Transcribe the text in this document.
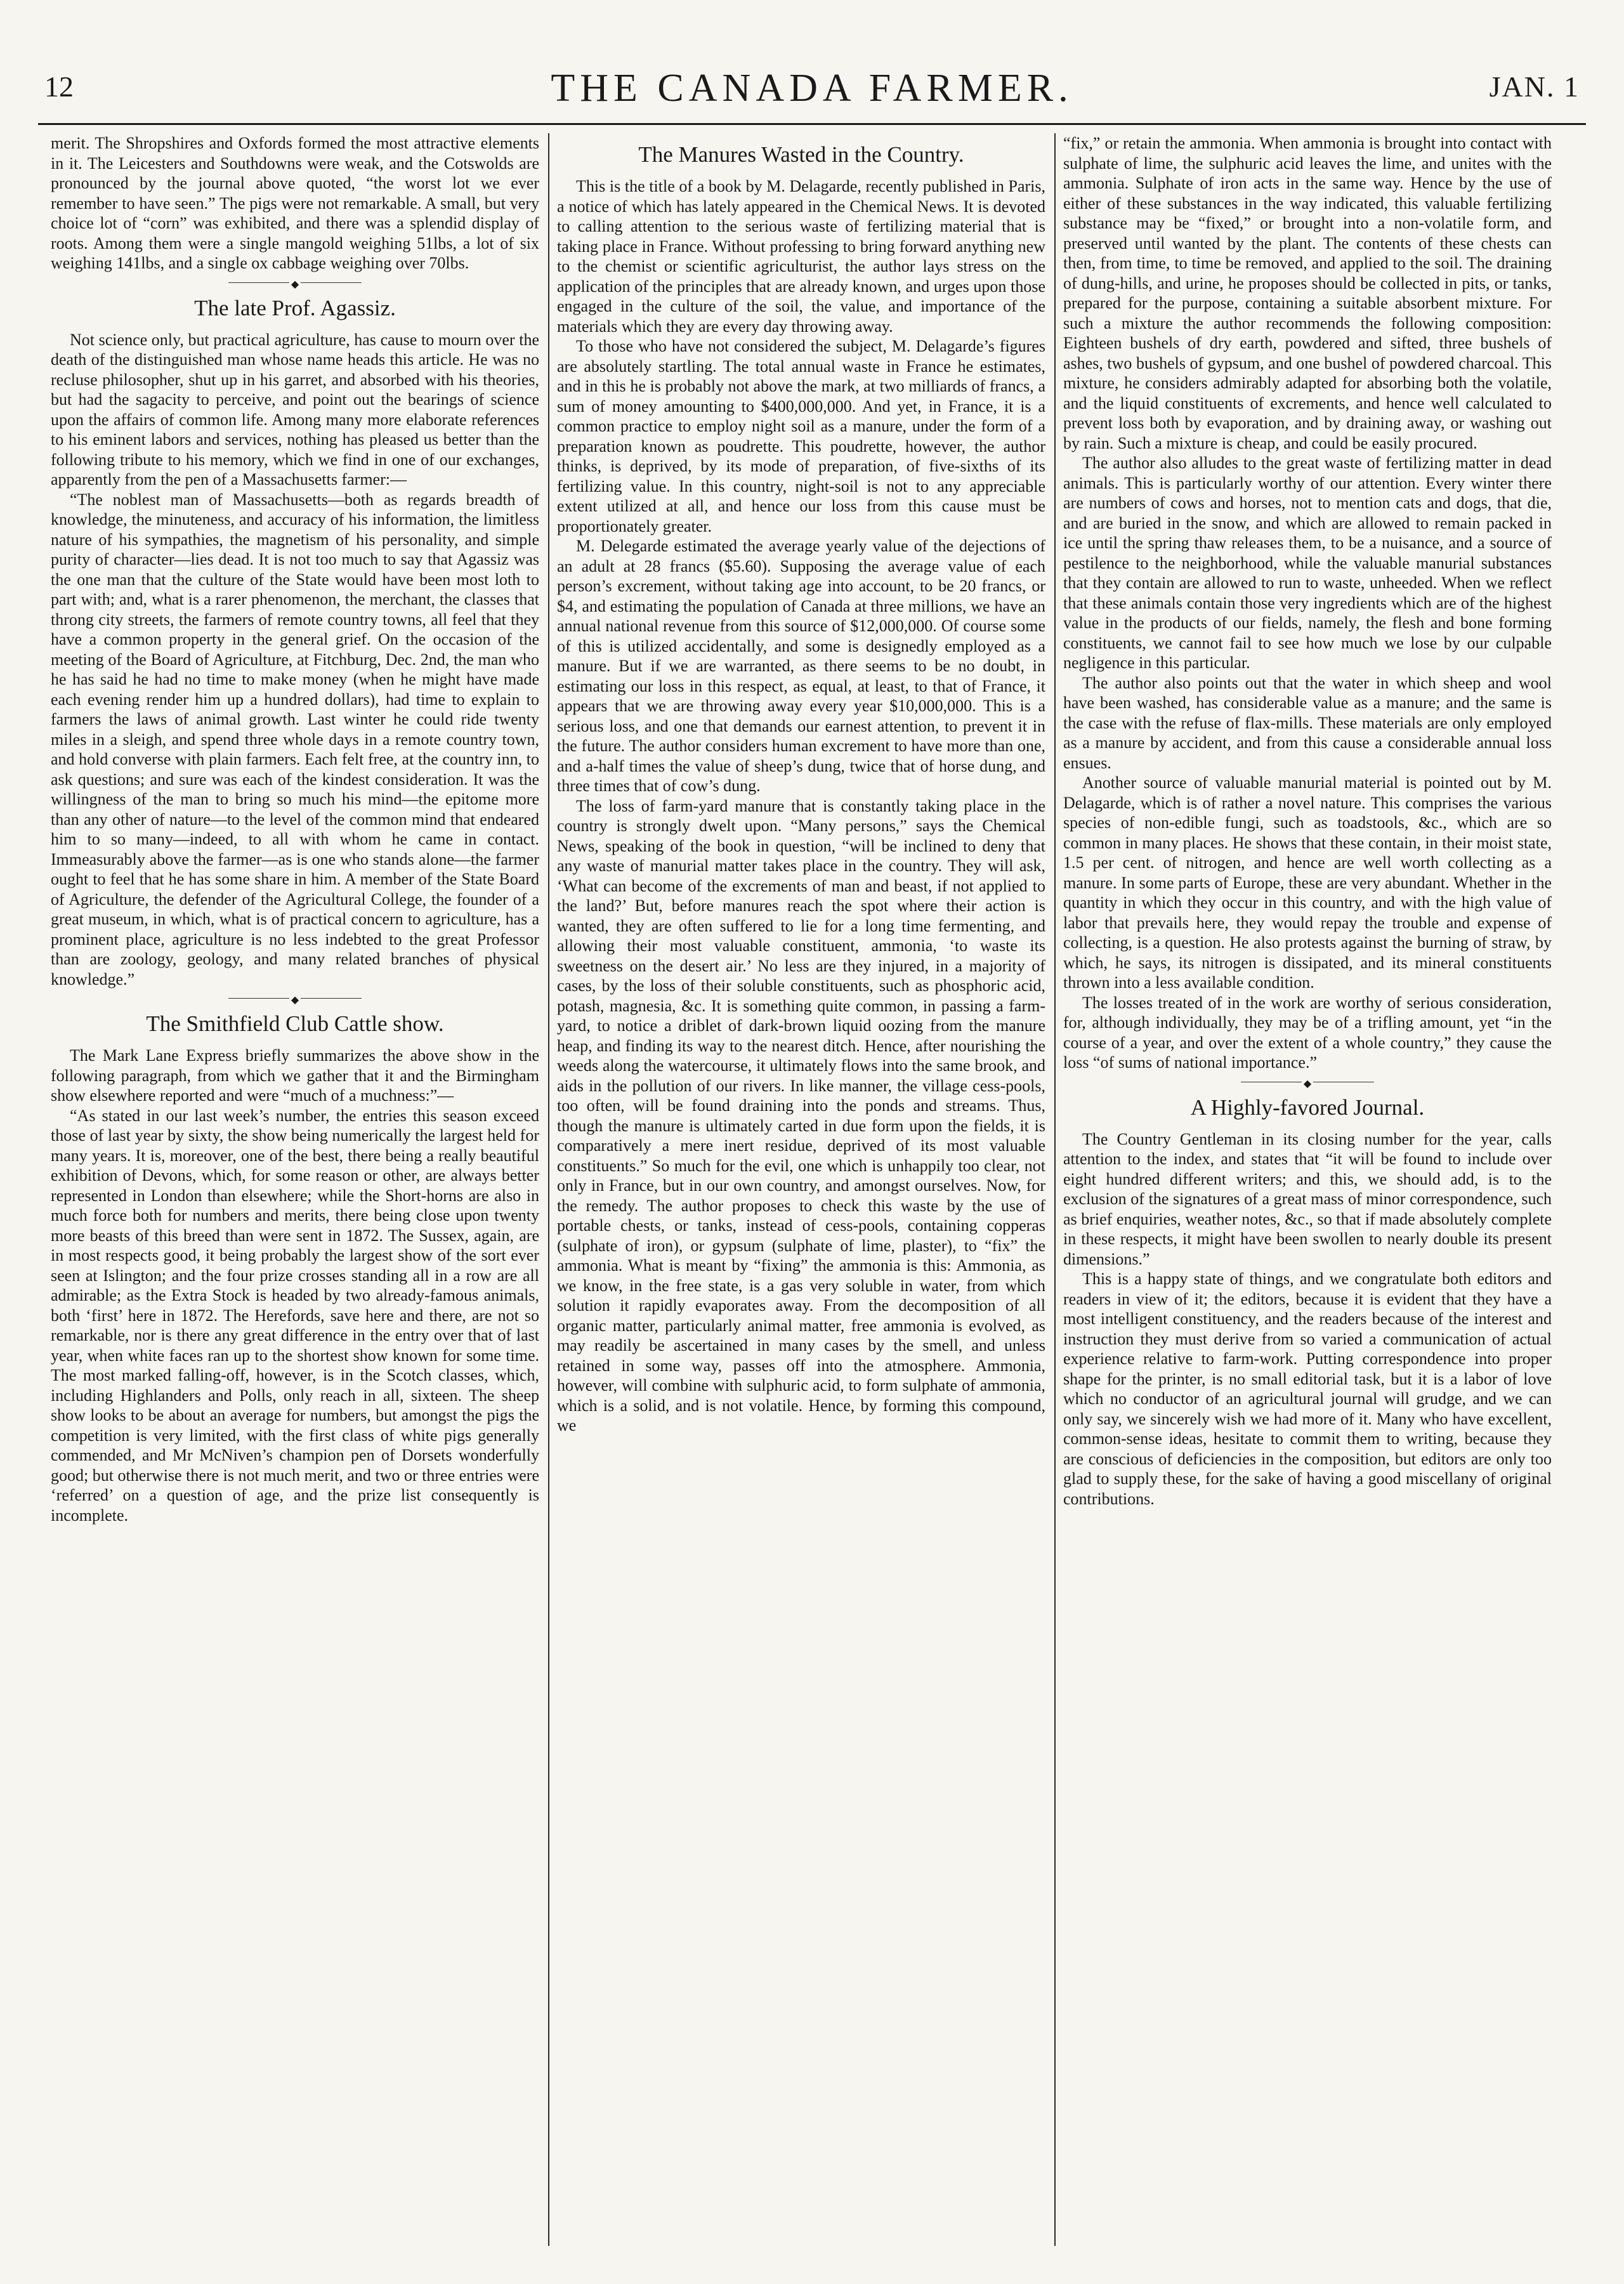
12	THE CANADA FARMER.	JAN. 1

merit. The Shropshires and Oxfords formed the most attractive elements in it. The Leicesters and Southdowns were weak, and the Cotswolds are pronounced by the journal above quoted, “the worst lot we ever remember to have seen.” The pigs were not remarkable. A small, but very choice lot of “corn” was exhibited, and there was a splendid display of roots. Among them were a single mangold weighing 51lbs, a lot of six weighing 141lbs, and a single ox cabbage weighing over 70lbs.

◆
The late Prof. Agassiz.

Not science only, but practical agriculture, has cause to mourn over the death of the distinguished man whose name heads this article. He was no recluse philosopher, shut up in his garret, and absorbed with his theories, but had the sagacity to perceive, and point out the bearings of science upon the affairs of common life. Among many more elaborate references to his eminent labors and services, nothing has pleased us better than the following tribute to his memory, which we find in one of our exchanges, apparently from the pen of a Massachusetts farmer:—

“The noblest man of Massachusetts—both as regards breadth of knowledge, the minuteness, and accuracy of his information, the limitless nature of his sympathies, the magnetism of his personality, and simple purity of character—lies dead. It is not too much to say that Agassiz was the one man that the culture of the State would have been most loth to part with; and, what is a rarer phenomenon, the merchant, the classes that throng city streets, the farmers of remote country towns, all feel that they have a common property in the general grief. On the occasion of the meeting of the Board of Agriculture, at Fitchburg, Dec. 2nd, the man who he has said he had no time to make money (when he might have made each evening render him up a hundred dollars), had time to explain to farmers the laws of animal growth. Last winter he could ride twenty miles in a sleigh, and spend three whole days in a remote country town, and hold converse with plain farmers. Each felt free, at the country inn, to ask questions; and sure was each of the kindest consideration. It was the willingness of the man to bring so much his mind—the epitome more than any other of nature—to the level of the common mind that endeared him to so many—indeed, to all with whom he came in contact. Immeasurably above the farmer—as is one who stands alone—the farmer ought to feel that he has some share in him. A member of the State Board of Agriculture, the defender of the Agricultural College, the founder of a great museum, in which, what is of practical concern to agriculture, has a prominent place, agriculture is no less indebted to the great Professor than are zoology, geology, and many related branches of physical knowledge.”

◆
The Smithfield Club Cattle show.

The Mark Lane Express briefly summarizes the above show in the following paragraph, from which we gather that it and the Birmingham show elsewhere reported and were “much of a muchness:”—

“As stated in our last week’s number, the entries this season exceed those of last year by sixty, the show being numerically the largest held for many years. It is, moreover, one of the best, there being a really beautiful exhibition of Devons, which, for some reason or other, are always better represented in London than elsewhere; while the Short-horns are also in much force both for numbers and merits, there being close upon twenty more beasts of this breed than were sent in 1872. The Sussex, again, are in most respects good, it being probably the largest show of the sort ever seen at Islington; and the four prize crosses standing all in a row are all admirable; as the Extra Stock is headed by two already-famous animals, both ‘first’ here in 1872. The Herefords, save here and there, are not so remarkable, nor is there any great difference in the entry over that of last year, when white faces ran up to the shortest show known for some time. The most marked falling-off, however, is in the Scotch classes, which, including Highlanders and Polls, only reach in all, sixteen. The sheep show looks to be about an average for numbers, but amongst the pigs the competition is very limited, with the first class of white pigs generally commended, and Mr McNiven’s champion pen of Dorsets wonderfully good; but otherwise there is not much merit, and two or three entries were ‘referred’ on a question of age, and the prize list consequently is incomplete.

The Manures Wasted in the Country.

This is the title of a book by M. Delagarde, recently published in Paris, a notice of which has lately appeared in the Chemical News. It is devoted to calling attention to the serious waste of fertilizing material that is taking place in France. Without professing to bring forward anything new to the chemist or scientific agriculturist, the author lays stress on the application of the principles that are already known, and urges upon those engaged in the culture of the soil, the value, and importance of the materials which they are every day throwing away.

To those who have not considered the subject, M. Delagarde’s figures are absolutely startling. The total annual waste in France he estimates, and in this he is probably not above the mark, at two milliards of francs, a sum of money amounting to $400,000,000. And yet, in France, it is a common practice to employ night soil as a manure, under the form of a preparation known as poudrette. This poudrette, however, the author thinks, is deprived, by its mode of preparation, of five-sixths of its fertilizing value. In this country, night-soil is not to any appreciable extent utilized at all, and hence our loss from this cause must be proportionately greater.

M. Delegarde estimated the average yearly value of the dejections of an adult at 28 francs ($5.60). Supposing the average value of each person’s excrement, without taking age into account, to be 20 francs, or $4, and estimating the population of Canada at three millions, we have an annual national revenue from this source of $12,000,000. Of course some of this is utilized accidentally, and some is designedly employed as a manure. But if we are warranted, as there seems to be no doubt, in estimating our loss in this respect, as equal, at least, to that of France, it appears that we are throwing away every year $10,000,000. This is a serious loss, and one that demands our earnest attention, to prevent it in the future. The author considers human excrement to have more than one, and a-half times the value of sheep’s dung, twice that of horse dung, and three times that of cow’s dung.

The loss of farm-yard manure that is constantly taking place in the country is strongly dwelt upon. “Many persons,” says the Chemical News, speaking of the book in question, “will be inclined to deny that any waste of manurial matter takes place in the country. They will ask, ‘What can become of the excrements of man and beast, if not applied to the land?’ But, before manures reach the spot where their action is wanted, they are often suffered to lie for a long time fermenting, and allowing their most valuable constituent, ammonia, ‘to waste its sweetness on the desert air.’ No less are they injured, in a majority of cases, by the loss of their soluble constituents, such as phosphoric acid, potash, magnesia, &c. It is something quite common, in passing a farm-yard, to notice a driblet of dark-brown liquid oozing from the manure heap, and finding its way to the nearest ditch. Hence, after nourishing the weeds along the watercourse, it ultimately flows into the same brook, and aids in the pollution of our rivers. In like manner, the village cess-pools, too often, will be found draining into the ponds and streams. Thus, though the manure is ultimately carted in due form upon the fields, it is comparatively a mere inert residue, deprived of its most valuable constituents.” So much for the evil, one which is unhappily too clear, not only in France, but in our own country, and amongst ourselves. Now, for the remedy. The author proposes to check this waste by the use of portable chests, or tanks, instead of cess-pools, containing copperas (sulphate of iron), or gypsum (sulphate of lime, plaster), to “fix” the ammonia. What is meant by “fixing” the ammonia is this: Ammonia, as we know, in the free state, is a gas very soluble in water, from which solution it rapidly evaporates away. From the decomposition of all organic matter, particularly animal matter, free ammonia is evolved, as may readily be ascertained in many cases by the smell, and unless retained in some way, passes off into the atmosphere. Ammonia, however, will combine with sulphuric acid, to form sulphate of ammonia, which is a solid, and is not volatile. Hence, by forming this compound, we

“fix,” or retain the ammonia. When ammonia is brought into contact with sulphate of lime, the sulphuric acid leaves the lime, and unites with the ammonia. Sulphate of iron acts in the same way. Hence by the use of either of these substances in the way indicated, this valuable fertilizing substance may be “fixed,” or brought into a non-volatile form, and preserved until wanted by the plant. The contents of these chests can then, from time, to time be removed, and applied to the soil. The draining of dung-hills, and urine, he proposes should be collected in pits, or tanks, prepared for the purpose, containing a suitable absorbent mixture. For such a mixture the author recommends the following composition: Eighteen bushels of dry earth, powdered and sifted, three bushels of ashes, two bushels of gypsum, and one bushel of powdered charcoal. This mixture, he considers admirably adapted for absorbing both the volatile, and the liquid constituents of excrements, and hence well calculated to prevent loss both by evaporation, and by draining away, or washing out by rain. Such a mixture is cheap, and could be easily procured.

The author also alludes to the great waste of fertilizing matter in dead animals. This is particularly worthy of our attention. Every winter there are numbers of cows and horses, not to mention cats and dogs, that die, and are buried in the snow, and which are allowed to remain packed in ice until the spring thaw releases them, to be a nuisance, and a source of pestilence to the neighborhood, while the valuable manurial substances that they contain are allowed to run to waste, unheeded. When we reflect that these animals contain those very ingredients which are of the highest value in the products of our fields, namely, the flesh and bone forming constituents, we cannot fail to see how much we lose by our culpable negligence in this particular.

The author also points out that the water in which sheep and wool have been washed, has considerable value as a manure; and the same is the case with the refuse of flax-mills. These materials are only employed as a manure by accident, and from this cause a considerable annual loss ensues.

Another source of valuable manurial material is pointed out by M. Delagarde, which is of rather a novel nature. This comprises the various species of non-edible fungi, such as toadstools, &c., which are so common in many places. He shows that these contain, in their moist state, 1.5 per cent. of nitrogen, and hence are well worth collecting as a manure. In some parts of Europe, these are very abundant. Whether in the quantity in which they occur in this country, and with the high value of labor that prevails here, they would repay the trouble and expense of collecting, is a question. He also protests against the burning of straw, by which, he says, its nitrogen is dissipated, and its mineral constituents thrown into a less available condition.

The losses treated of in the work are worthy of serious consideration, for, although individually, they may be of a trifling amount, yet “in the course of a year, and over the extent of a whole country,” they cause the loss “of sums of national importance.”

◆
A Highly-favored Journal.

The Country Gentleman in its closing number for the year, calls attention to the index, and states that “it will be found to include over eight hundred different writers; and this, we should add, is to the exclusion of the signatures of a great mass of minor correspondence, such as brief enquiries, weather notes, &c., so that if made absolutely complete in these respects, it might have been swollen to nearly double its present dimensions.”

This is a happy state of things, and we congratulate both editors and readers in view of it; the editors, because it is evident that they have a most intelligent constituency, and the readers because of the interest and instruction they must derive from so varied a communication of actual experience relative to farm-work. Putting correspondence into proper shape for the printer, is no small editorial task, but it is a labor of love which no conductor of an agricultural journal will grudge, and we can only say, we sincerely wish we had more of it. Many who have excellent, common-sense ideas, hesitate to commit them to writing, because they are conscious of deficiencies in the composition, but editors are only too glad to supply these, for the sake of having a good miscellany of original contributions.
